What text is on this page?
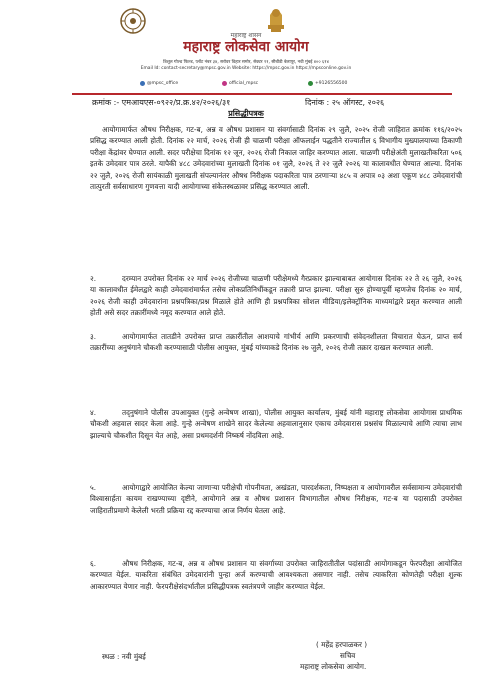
महाराष्ट्र शासन
महाराष्ट्र लोकसेवा आयोग
त्रिशूल गोल्ड फिल्ड, प्लॉट नंबर ३४, सरोवर विहार समोर, सेक्टर ११, सीबीडी बेलापूर, नवी मुंबई ४०० ६१४
Email Id: contact-secretary@mpsc.gov.in Website: https://mpsc.gov.in https://mpsconline.gov.in
@mpsc_office	official_mpsc	+9126556500
क्रमांक :- एमआयएस-०९२२/प्र.क्र.४२/२०२६/३१	दिनांक : २५ ऑगस्ट, २०२६
प्रसिद्धीपत्रक
आयोगामार्फत औषध निरीक्षक, गट-ब, अन्न व औषध प्रशासन या संवर्गासाठी दिनांक २९ जुलै, २०२५ रोजी जाहिरात क्रमांक ११६/२०२५ प्रसिद्ध करण्यात आली होती. दिनांक २२ मार्च, २०२६ रोजी ही चाळणी परीक्षा ऑफलाईन पद्धतीने राज्यातील ६ विभागीय मुख्यालयाच्या ठिकाणी परीक्षा केंद्रांवर घेण्यात आली. सदर परीक्षेचा दिनांक १२ जून, २०२६ रोजी निकाल जाहिर करण्यात आला. चाळणी परीक्षेअंती मुलाखतीकरिता ५०६ इतके उमेदवार पात्र ठरले. यापैकी ४८८ उमेदवारांच्या मुलाखती दिनांक ०१ जुलै, २०२६ ते २२ जुलै २०२६ या कालावधीत घेण्यात आल्या. दिनांक २२ जुलै, २०२६ रोजी सायंकाळी मुलाखती संपल्यानंतर औषध निरीक्षक पदाकरिता पात्र ठरणाऱ्या ४८५ व अपात्र ०३ अशा एकूण ४८८ उमेदवारांची तात्पुरती सर्वसाधारण गुणवत्ता यादी आयोगाच्या संकेतस्थळावर प्रसिद्ध करण्यात आली.
२.	दरम्यान उपरोक्त दिनांक २२ मार्च २०२६ रोजीच्या चाळणी परीक्षेमध्ये गैरप्रकार झाल्याबाबत आयोगास दिनांक २२ ते २६ जुलै, २०२६ या कालावधीत ईमेलद्वारे काही उमेदवारांमार्फत तसेच लोकप्रतिनिधींकडून तक्रारी प्राप्त झाल्या. परीक्षा सुरु होण्यापूर्वी म्हणजेच दिनांक २० मार्च, २०२६ रोजी काही उमेदवारांना प्रश्नपत्रिका/प्रश्न मिळाले होते आणि ही प्रश्नपत्रिका सोशल मीडिया/इलेक्ट्रॉनिक माध्यमांद्वारे प्रसृत करण्यात आली होती असे सदर तक्रारींमध्ये नमूद करण्यात आले होते.
३.	आयोगामार्फत तातडीने उपरोक्त प्राप्त तक्रारींतील आशयाचे गांभीर्य आणि प्रकरणाची संवेदनशीलता विचारात घेऊन, प्राप्त सर्व तक्रारींच्या अनुषंगाने चौकशी करण्यासाठी पोलीस आयुक्त, मुंबई यांच्याकडे दिनांक २७ जुलै, २०२६ रोजी तक्रार दाखल करण्यात आली.
४.	तद्नुषंगाने पोलीस उपआयुक्त (गुन्हे अन्वेषण शाखा), पोलीस आयुक्त कार्यालय, मुंबई यांनी महाराष्ट्र लोकसेवा आयोगास प्राथमिक चौकशी अहवाल सादर केला आहे. गुन्हे अन्वेषण शाखेने सादर केलेल्या अहवालानुसार एकाच उमेदवारास प्रश्नसंच मिळाल्याचे आणि त्याचा लाभ झाल्याचे चौकशीत दिसून येत आहे, असा प्रथमदर्शनी निष्कर्ष नोंदविला आहे.
५.	आयोगाद्वारे आयोजित केल्या जाणाऱ्या परीक्षेची गोपनीयता, अखंडता, पारदर्शकता, निष्पक्षता व आयोगावरील सर्वसामान्य उमेदवारांची विश्वासार्हता कायम राखण्याच्या दृष्टीने, आयोगाने अन्न व औषध प्रशासन विभागातील औषध निरीक्षक, गट-ब या पदासाठी उपरोक्त जाहिरातीप्रमाणे केलेली भरती प्रक्रिया रद्द करण्याचा आज निर्णय घेतला आहे.
६.	औषध निरीक्षक, गट-ब, अन्न व औषध प्रशासन या संवर्गाच्या उपरोक्त जाहिरातीतील पदांसाठी आयोगाकडून फेरपरीक्षा आयोजित करण्यात येईल. याकरिता संबंधित उमेदवारांनी पुन्हा अर्ज करण्याची आवश्यकता असणार नाही. तसेच त्याकरिता कोणतेही परीक्षा शुल्क आकारण्यात येणार नाही. फेरपरीक्षेसंदर्भातील प्रसिद्धीपत्रक स्वतंत्रपणे जाहीर करण्यात येईल.
( महेंद्र हरपाळकर )
सचिव
महाराष्ट्र लोकसेवा आयोग.
स्थळ : नवी मुंबई
